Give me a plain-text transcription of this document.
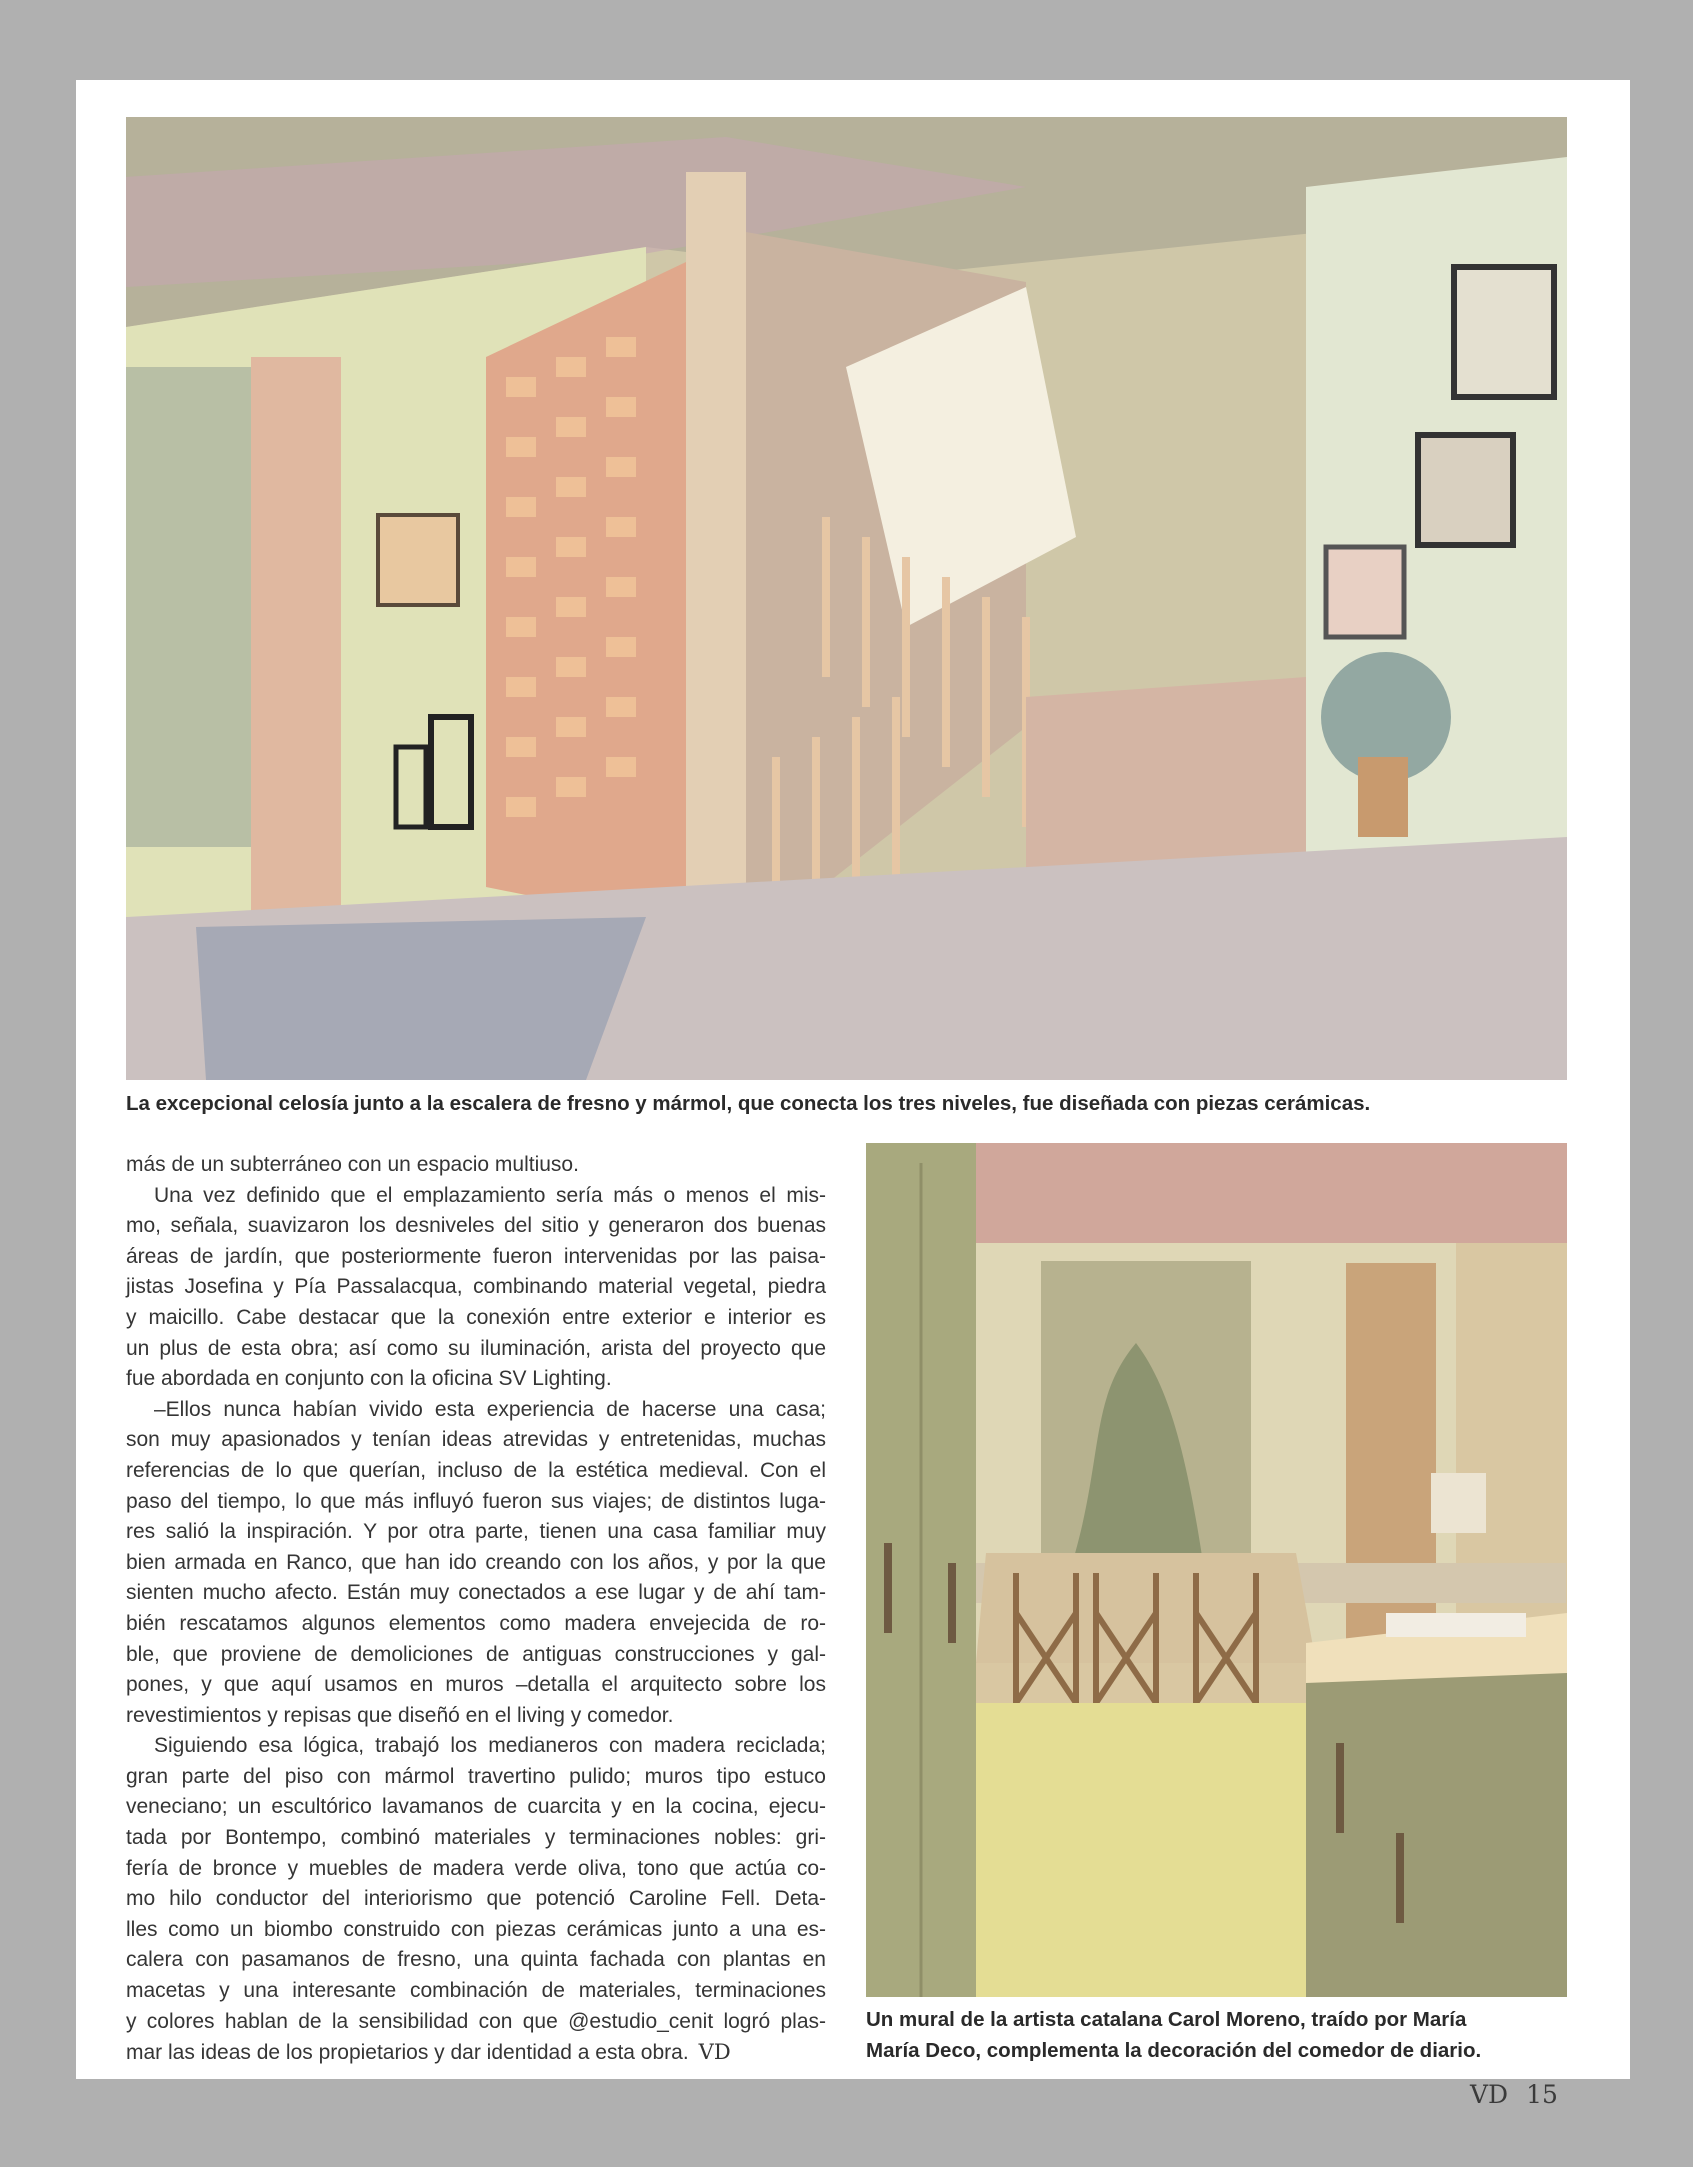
La excepcional celosía junto a la escalera de fresno y mármol, que conecta los tres niveles, fue diseñada con piezas cerámicas.
más de un subterráneo con un espacio multiuso.
Una vez definido que el emplazamiento sería más o menos el mis-
mo, señala, suavizaron los desniveles del sitio y generaron dos buenas
áreas de jardín, que posteriormente fueron intervenidas por las paisa-
jistas Josefina y Pía Passalacqua, combinando material vegetal, piedra
y maicillo. Cabe destacar que la conexión entre exterior e interior es
un plus de esta obra; así como su iluminación, arista del proyecto que
fue abordada en conjunto con la oficina SV Lighting.
–Ellos nunca habían vivido esta experiencia de hacerse una casa;
son muy apasionados y tenían ideas atrevidas y entretenidas, muchas
referencias de lo que querían, incluso de la estética medieval. Con el
paso del tiempo, lo que más influyó fueron sus viajes; de distintos luga-
res salió la inspiración. Y por otra parte, tienen una casa familiar muy
bien armada en Ranco, que han ido creando con los años, y por la que
sienten mucho afecto. Están muy conectados a ese lugar y de ahí tam-
bién rescatamos algunos elementos como madera envejecida de ro-
ble, que proviene de demoliciones de antiguas construcciones y gal-
pones, y que aquí usamos en muros –detalla el arquitecto sobre los
revestimientos y repisas que diseñó en el living y comedor.
Siguiendo esa lógica, trabajó los medianeros con madera reciclada;
gran parte del piso con mármol travertino pulido; muros tipo estuco
veneciano; un escultórico lavamanos de cuarcita y en la cocina, ejecu-
tada por Bontempo, combinó materiales y terminaciones nobles: gri-
fería de bronce y muebles de madera verde oliva, tono que actúa co-
mo hilo conductor del interiorismo que potenció Caroline Fell. Deta-
lles como un biombo construido con piezas cerámicas junto a una es-
calera con pasamanos de fresno, una quinta fachada con plantas en
macetas y una interesante combinación de materiales, terminaciones
y colores hablan de la sensibilidad con que @estudio_cenit logró plas-
mar las ideas de los propietarios y dar identidad a esta obra. VD
Un mural de la artista catalana Carol Moreno, traído por María
María Deco, complementa la decoración del comedor de diario.
VD 15
